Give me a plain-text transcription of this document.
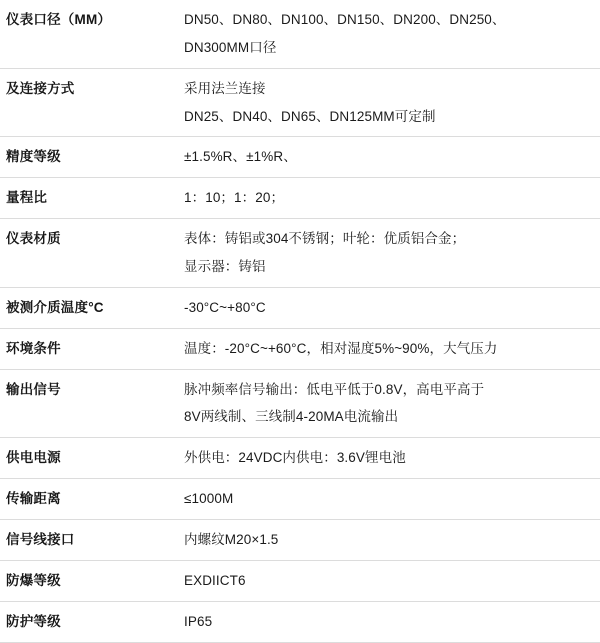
仪表口径（MM）	DN50、DN80、DN100、DN150、DN200、DN250、
DN300MM口径

及连接方式	采用法兰连接
DN25、DN40、DN65、DN125MM可定制

精度等级	±1.5%R、±1%R、

量程比	1：10；1：20；

仪表材质	表体：铸铝或304不锈钢；叶轮：优质铝合金；
显示器：铸铝

被测介质温度°C	-30°C~+80°C

环境条件	温度：-20°C~+60°C，相对湿度5%~90%，大气压力

输出信号	脉冲频率信号输出：低电平低于0.8V，高电平高于
8V两线制、三线制4-20MA电流输出

供电电源	外供电：24VDC内供电：3.6V锂电池

传输距离	≤1000M

信号线接口	内螺纹M20×1.5

防爆等级	EXDIICT6

防护等级	IP65
